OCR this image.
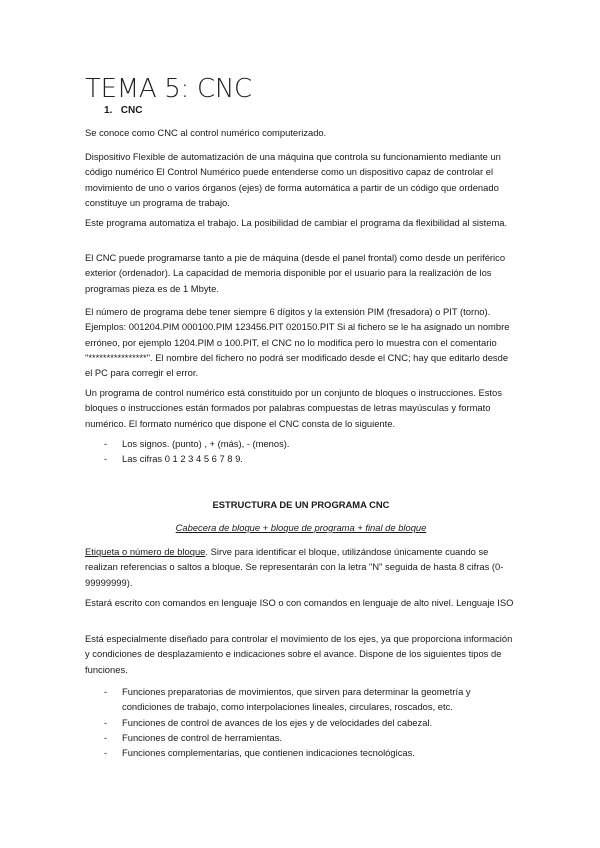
TEMA 5: CNC
1. CNC
Se conoce como CNC al control numérico computerizado.
Dispositivo Flexible de automatización de una máquina que controla su funcionamiento mediante un código numérico El Control Numérico puede entenderse como un dispositivo capaz de controlar el movimiento de uno o varios órganos (ejes) de forma automática a partir de un código que ordenado constituye un programa de trabajo.
Este programa automatiza el trabajo. La posibilidad de cambiar el programa da flexibilidad al sistema.
El CNC puede programarse tanto a pie de máquina (desde el panel frontal) como desde un periférico exterior (ordenador). La capacidad de memoria disponible por el usuario para la realización de los programas pieza es de 1 Mbyte.
El número de programa debe tener siempre 6 dígitos y la extensión PIM (fresadora) o PIT (torno). Ejemplos: 001204.PIM 000100.PIM 123456.PIT 020150.PIT Si al fichero se le ha asignado un nombre erróneo, por ejemplo 1204.PIM o 100.PIT, el CNC no lo modifica pero lo muestra con el comentario "****************". El nombre del fichero no podrá ser modificado desde el CNC; hay que editarlo desde el PC para corregir el error.
Un programa de control numérico está constituido por un conjunto de bloques o instrucciones. Estos bloques o instrucciones están formados por palabras compuestas de letras mayúsculas y formato numérico. El formato numérico que dispone el CNC consta de lo siguiente.
- Los signos. (punto) , + (más), - (menos).
- Las cifras 0 1 2 3 4 5 6 7 8 9.
ESTRUCTURA DE UN PROGRAMA CNC
Cabecera de bloque + bloque de programa + final de bloque
Etiqueta o número de bloque. Sirve para identificar el bloque, utilizándose únicamente cuando se realizan referencias o saltos a bloque. Se representarán con la letra "N" seguida de hasta 8 cifras (0-99999999).
Estará escrito con comandos en lenguaje ISO o con comandos en lenguaje de alto nivel. Lenguaje ISO
Está especialmente diseñado para controlar el movimiento de los ejes, ya que proporciona información y condiciones de desplazamiento e indicaciones sobre el avance. Dispone de los siguientes tipos de funciones.
- Funciones preparatorias de movimientos, que sirven para determinar la geometría y condiciones de trabajo, como interpolaciones lineales, circulares, roscados, etc.
- Funciones de control de avances de los ejes y de velocidades del cabezal.
- Funciones de control de herramientas.
- Funciones complementarias, que contienen indicaciones tecnológicas.
